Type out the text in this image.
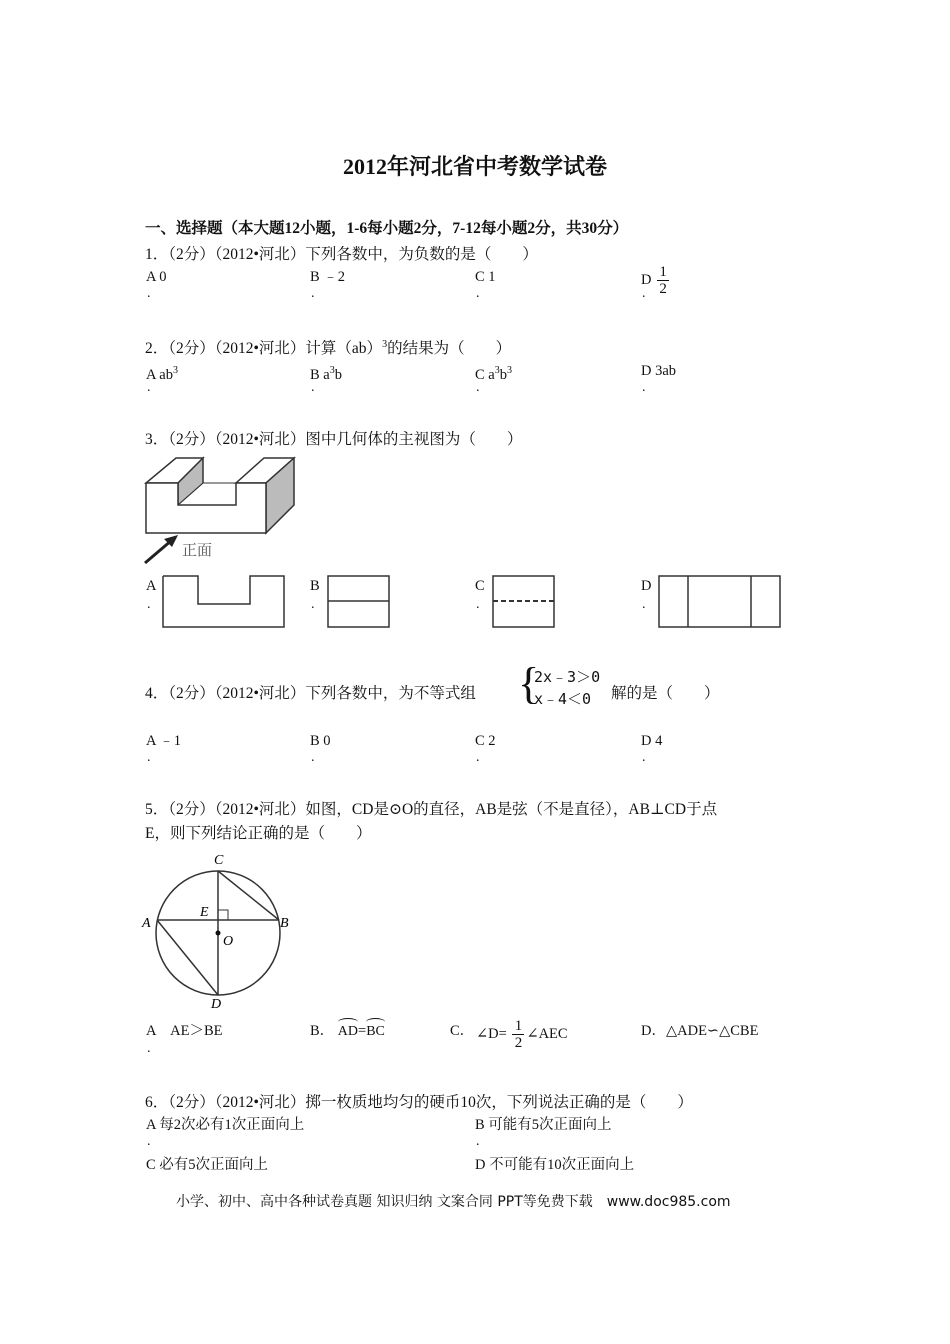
2012年河北省中考数学试卷
一、选择题（本大题12小题，1-6每小题2分，7-12每小题2分，共30分）
1．（2分）（2012•河北）下列各数中，为负数的是（　　）
A 0
.
B ﹣2
.
C 1
.
D $\frac{1}{2}$
.
2．（2分）（2012•河北）计算（ab）$^3$的结果为（　　）
A $ab^3$
.
B $a^3b$
.
C $a^3b^3$
.
D 3ab
.
3．（2分）（2012•河北）图中几何体的主视图为（　　）
正面
A
.
B
.
C
.
D
.
4．（2分）（2012•河北）下列各数中，为不等式组 {
2x﹣3＞0
x﹣4＜0	解的是（　　）
A ﹣1
.
B 0
.
C 2
.
D 4
.
5．（2分）（2012•河北）如图，CD是⊙O的直径，AB是弦（不是直径），AB⊥CD于点
E，则下列结论正确的是（　　）
C
E
A	B
O
D
A　AE＞BE
.
B． AD=BC	C． ∠D= $\frac{1}{2}$ ∠AEC	D．△ADE∽△CBE
6．（2分）（2012•河北）掷一枚质地均匀的硬币10次，下列说法正确的是（　　）
A 每2次必有1次正面向上
.
B 可能有5次正面向上
.
C 必有5次正面向上	D 不可能有10次正面向上
小学、初中、高中各种试卷真题 知识归纳 文案合同 PPT等免费下载　www.doc985.com
